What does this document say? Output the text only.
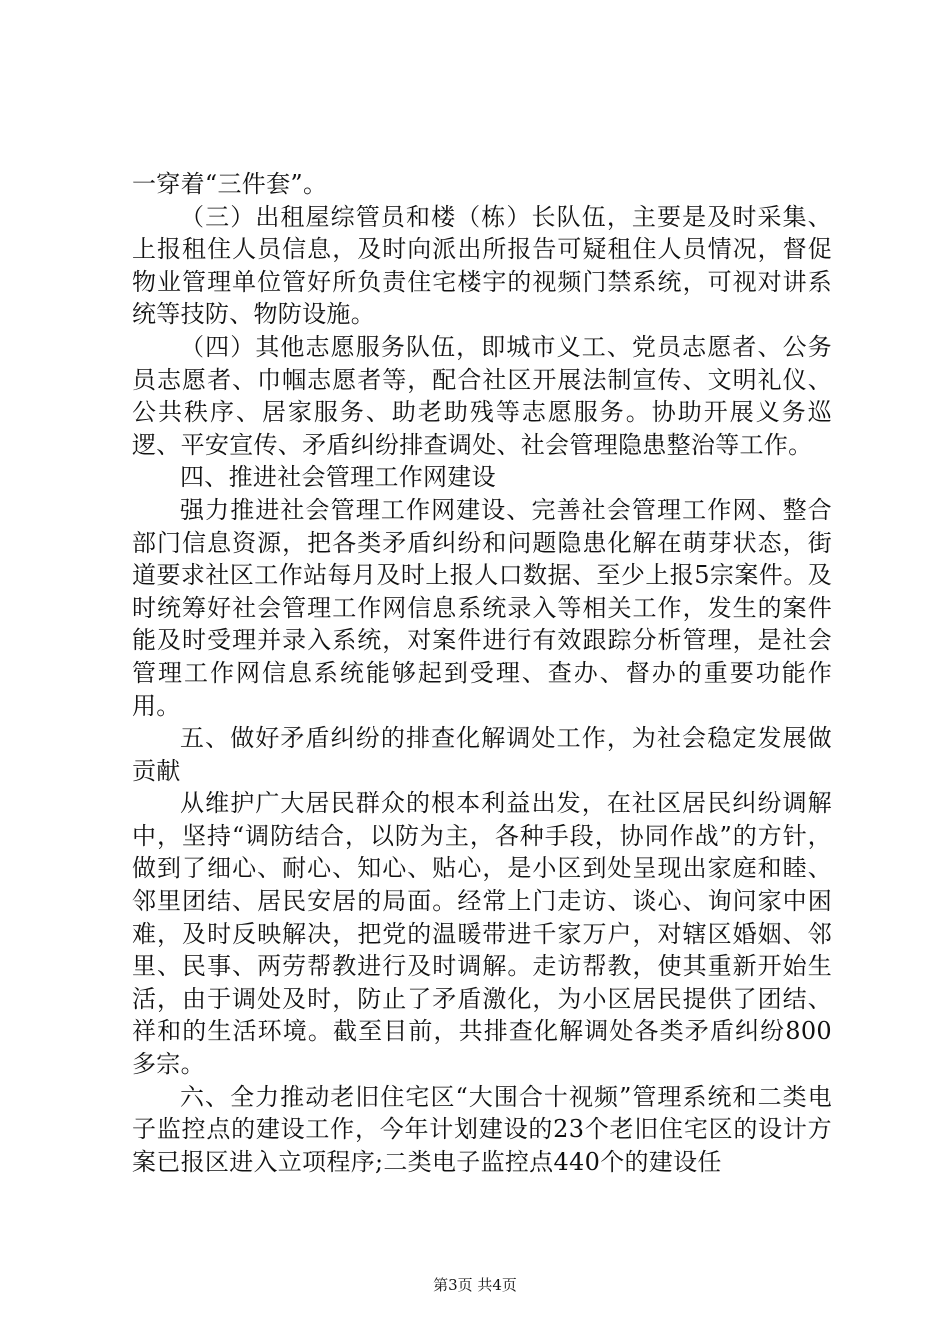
一穿着“三件套”。

（三）出租屋综管员和楼（栋）长队伍，主要是及时采集、上报租住人员信息，及时向派出所报告可疑租住人员情况，督促物业管理单位管好所负责住宅楼宇的视频门禁系统，可视对讲系统等技防、物防设施。

（四）其他志愿服务队伍，即城市义工、党员志愿者、公务员志愿者、巾帼志愿者等，配合社区开展法制宣传、文明礼仪、公共秩序、居家服务、助老助残等志愿服务。协助开展义务巡逻、平安宣传、矛盾纠纷排查调处、社会管理隐患整治等工作。

四、推进社会管理工作网建设

强力推进社会管理工作网建设、完善社会管理工作网、整合部门信息资源，把各类矛盾纠纷和问题隐患化解在萌芽状态，街道要求社区工作站每月及时上报人口数据、至少上报5宗案件。及时统筹好社会管理工作网信息系统录入等相关工作，发生的案件能及时受理并录入系统，对案件进行有效跟踪分析管理，是社会管理工作网信息系统能够起到受理、查办、督办的重要功能作用。

五、做好矛盾纠纷的排查化解调处工作，为社会稳定发展做贡献

从维护广大居民群众的根本利益出发，在社区居民纠纷调解中，坚持“调防结合，以防为主，各种手段，协同作战”的方针，做到了细心、耐心、知心、贴心，是小区到处呈现出家庭和睦、邻里团结、居民安居的局面。经常上门走访、谈心、询问家中困难，及时反映解决，把党的温暖带进千家万户，对辖区婚姻、邻里、民事、两劳帮教进行及时调解。走访帮教，使其重新开始生活，由于调处及时，防止了矛盾激化，为小区居民提供了团结、祥和的生活环境。截至目前，共排查化解调处各类矛盾纠纷800多宗。

六、全力推动老旧住宅区“大围合十视频”管理系统和二类电子监控点的建设工作，今年计划建设的23个老旧住宅区的设计方案已报区进入立项程序;二类电子监控点440个的建设任

第3页 共4页
